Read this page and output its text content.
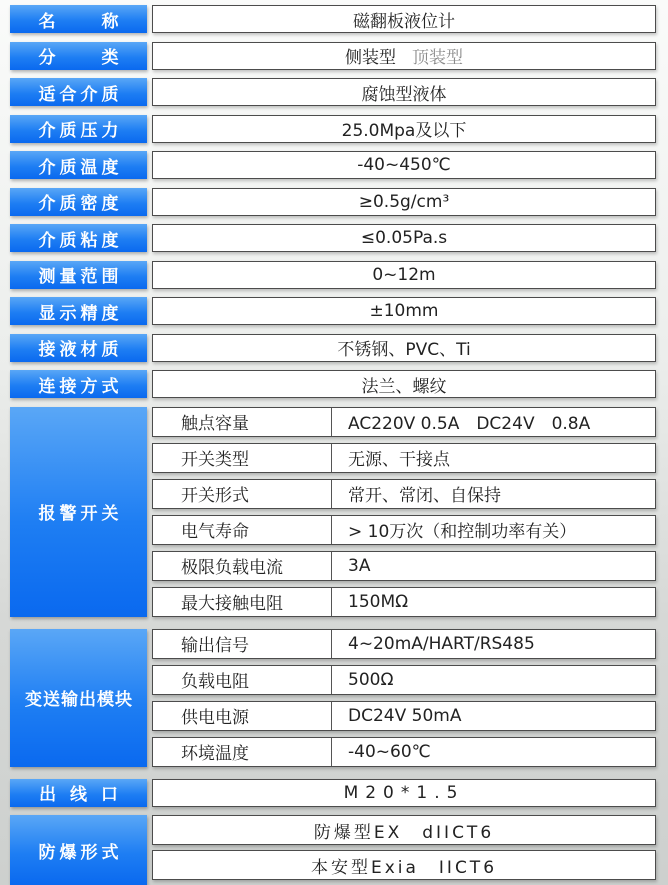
名　　称	磁翻板液位计
分　　类	侧装型 顶装型
适合介质	腐蚀型液体
介质压力	25.0Mpa及以下
介质温度	-40~450℃
介质密度	≥0.5g/cm³
介质粘度	≤0.05Pa.s
测量范围	0~12m
显示精度	±10mm
接液材质	不锈钢、PVC、Ti
连接方式	法兰、螺纹
报警开关
触点容量	AC220V 0.5A　DC24V　0.8A
开关类型	无源、干接点
开关形式	常开、常闭、自保持
电气寿命	> 10万次（和控制功率有关）
极限负载电流	3A
最大接触电阻	150MΩ
变送输出模块
输出信号	4~20mA/HART/RS485
负载电阻	500Ω
供电电源	DC24V 50mA
环境温度	-40~60℃
出 线 口	M20*1.5
防爆形式
防爆型EX　dIICT6
本安型Exia　IICT6
